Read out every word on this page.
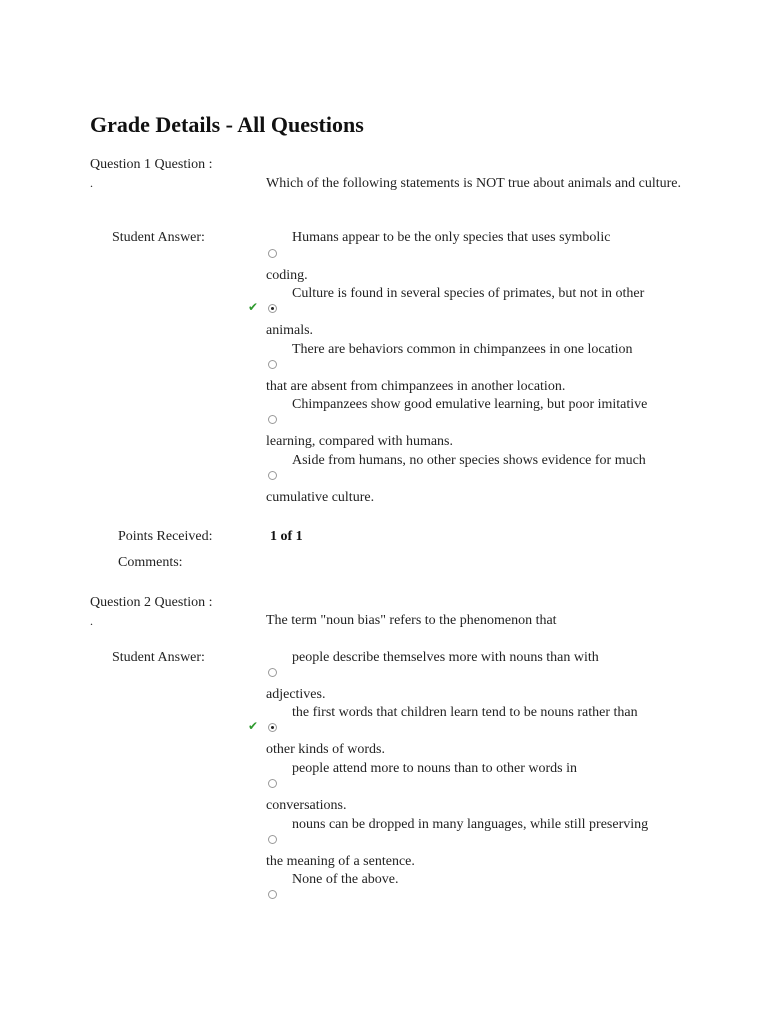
Grade Details - All Questions
Question 1 Question :
.	Which of the following statements is NOT true about animals and culture.
Student Answer:	Humans appear to be the only species that uses symbolic
coding.
Culture is found in several species of primates, but not in other
✔
animals.
There are behaviors common in chimpanzees in one location
that are absent from chimpanzees in another location.
Chimpanzees show good emulative learning, but poor imitative
learning, compared with humans.
Aside from humans, no other species shows evidence for much
cumulative culture.
Points Received:	1 of 1
Comments:
Question 2 Question :
.	The term "noun bias" refers to the phenomenon that
Student Answer:	people describe themselves more with nouns than with
adjectives.
the first words that children learn tend to be nouns rather than
✔
other kinds of words.
people attend more to nouns than to other words in
conversations.
nouns can be dropped in many languages, while still preserving
the meaning of a sentence.
None of the above.
